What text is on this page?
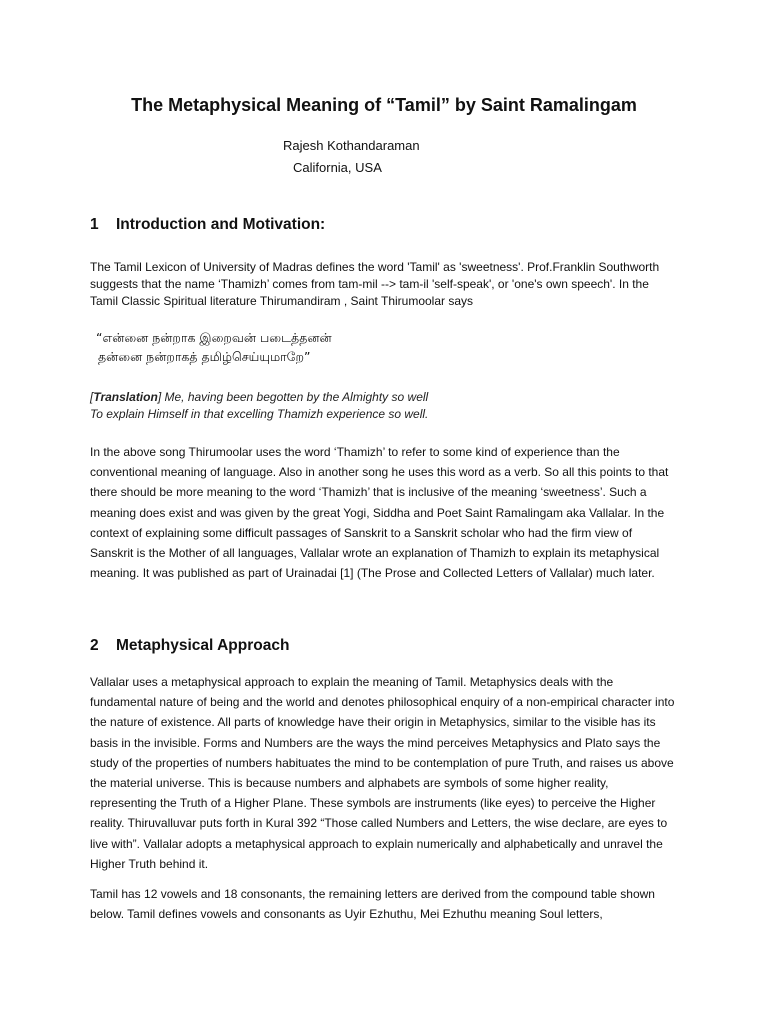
The Metaphysical Meaning of “Tamil” by Saint Ramalingam
Rajesh Kothandaraman
California, USA
1 Introduction and Motivation:

The Tamil Lexicon of University of Madras defines the word 'Tamil' as 'sweetness'. Prof.Franklin Southworth suggests that the name ‘Thamizh’ comes from tam-mil --> tam-il 'self-speak', or 'one's own speech'. In the Tamil Classic Spiritual literature Thirumandiram , Saint Thirumoolar says

“என்னை நன்றாக இறைவன் படைத்தனன்
தன்னை நன்றாகத் தமிழ்செய்யுமாறே”
[Translation] Me, having been begotten by the Almighty so well
To explain Himself in that excelling Thamizh experience so well.

In the above song Thirumoolar uses the word ‘Thamizh’ to refer to some kind of experience than the conventional meaning of language. Also in another song he uses this word as a verb. So all this points to that there should be more meaning to the word ‘Thamizh’ that is inclusive of the meaning ‘sweetness’. Such a meaning does exist and was given by the great Yogi, Siddha and Poet Saint Ramalingam aka Vallalar. In the context of explaining some difficult passages of Sanskrit to a Sanskrit scholar who had the firm view of Sanskrit is the Mother of all languages, Vallalar wrote an explanation of Thamizh to explain its metaphysical meaning. It was published as part of Urainadai [1] (The Prose and Collected Letters of Vallalar) much later.

2 Metaphysical Approach

Vallalar uses a metaphysical approach to explain the meaning of Tamil. Metaphysics deals with the fundamental nature of being and the world and denotes philosophical enquiry of a non-empirical character into the nature of existence. All parts of knowledge have their origin in Metaphysics, similar to the visible has its basis in the invisible. Forms and Numbers are the ways the mind perceives Metaphysics and Plato says the study of the properties of numbers habituates the mind to be contemplation of pure Truth, and raises us above the material universe. This is because numbers and alphabets are symbols of some higher reality, representing the Truth of a Higher Plane. These symbols are instruments (like eyes) to perceive the Higher reality. Thiruvalluvar puts forth in Kural 392 “Those called Numbers and Letters, the wise declare, are eyes to live with”. Vallalar adopts a metaphysical approach to explain numerically and alphabetically and unravel the Higher Truth behind it.

Tamil has 12 vowels and 18 consonants, the remaining letters are derived from the compound table shown below. Tamil defines vowels and consonants as Uyir Ezhuthu, Mei Ezhuthu meaning Soul letters,
